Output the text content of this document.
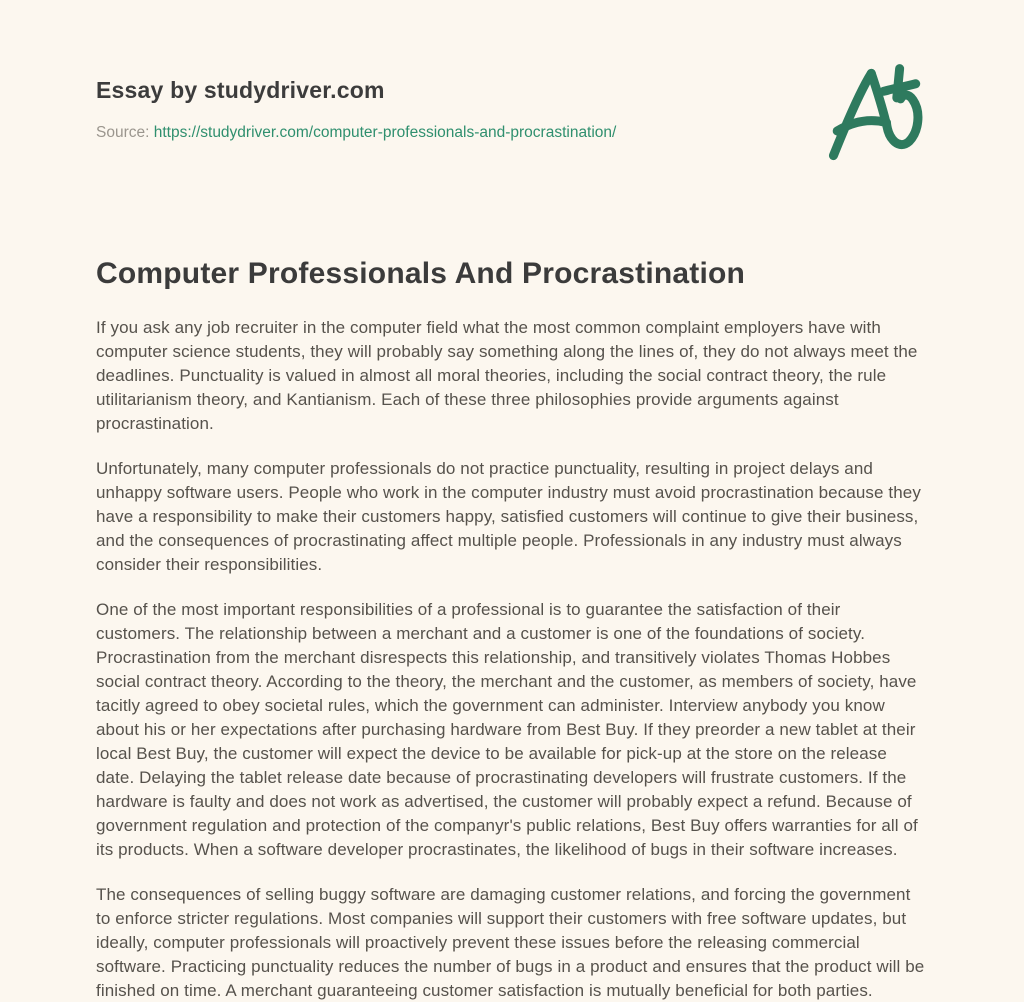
Essay by studydriver.com
Source: https://studydriver.com/computer-professionals-and-procrastination/
Computer Professionals And Procrastination

If you ask any job recruiter in the computer field what the most common complaint employers have with computer science students, they will probably say something along the lines of, they do not always meet the deadlines. Punctuality is valued in almost all moral theories, including the social contract theory, the rule utilitarianism theory, and Kantianism. Each of these three philosophies provide arguments against procrastination.

Unfortunately, many computer professionals do not practice punctuality, resulting in project delays and unhappy software users. People who work in the computer industry must avoid procrastination because they have a responsibility to make their customers happy, satisfied customers will continue to give their business, and the consequences of procrastinating affect multiple people. Professionals in any industry must always consider their responsibilities.

One of the most important responsibilities of a professional is to guarantee the satisfaction of their customers. The relationship between a merchant and a customer is one of the foundations of society. Procrastination from the merchant disrespects this relationship, and transitively violates Thomas Hobbes social contract theory. According to the theory, the merchant and the customer, as members of society, have tacitly agreed to obey societal rules, which the government can administer. Interview anybody you know about his or her expectations after purchasing hardware from Best Buy. If they preorder a new tablet at their local Best Buy, the customer will expect the device to be available for pick-up at the store on the release date. Delaying the tablet release date because of procrastinating developers will frustrate customers. If the hardware is faulty and does not work as advertised, the customer will probably expect a refund. Because of government regulation and protection of the companyr's public relations, Best Buy offers warranties for all of its products. When a software developer procrastinates, the likelihood of bugs in their software increases.

The consequences of selling buggy software are damaging customer relations, and forcing the government to enforce stricter regulations. Most companies will support their customers with free software updates, but ideally, computer professionals will proactively prevent these issues before the releasing commercial software. Practicing punctuality reduces the number of bugs in a product and ensures that the product will be finished on time. A merchant guaranteeing customer satisfaction is mutually beneficial for both parties.
